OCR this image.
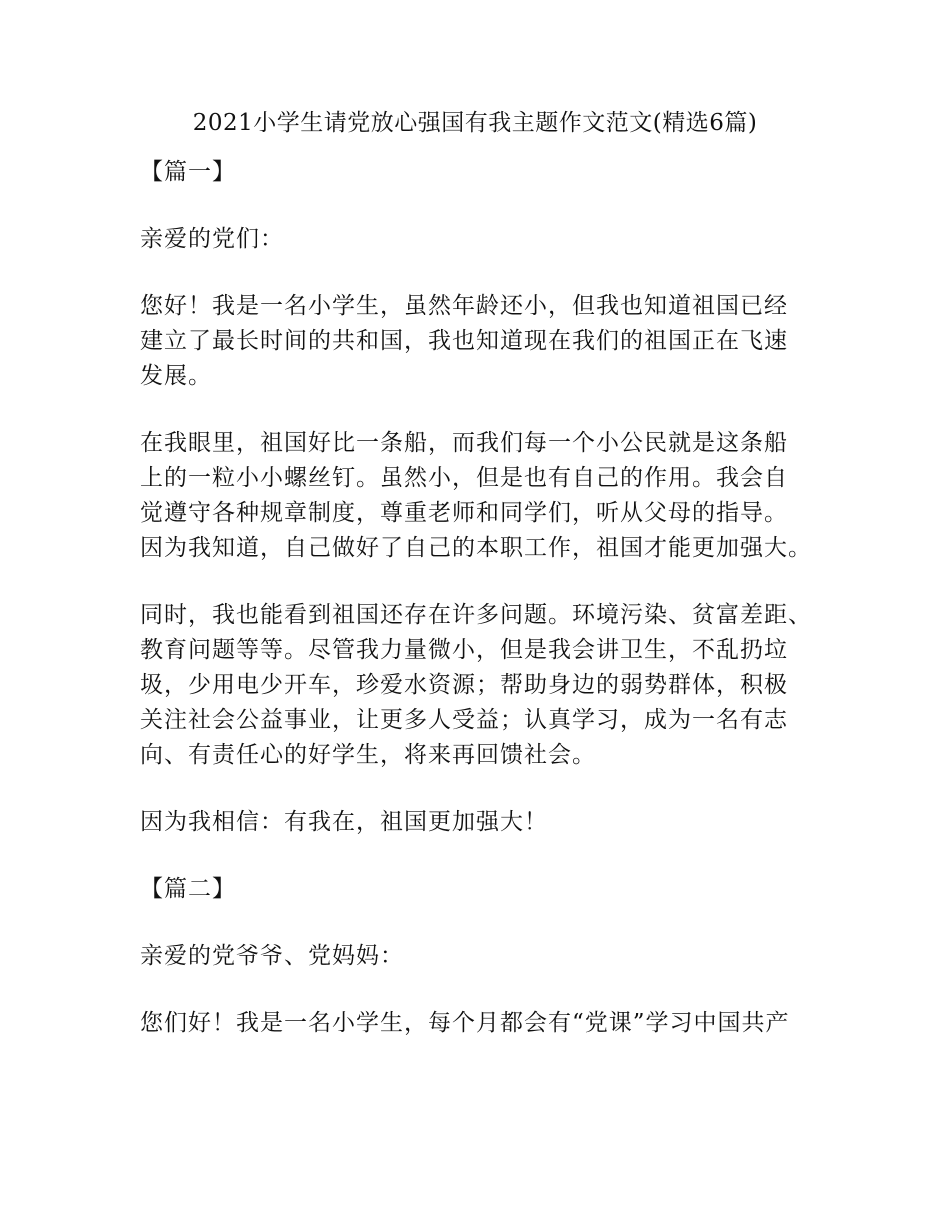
2021小学生请党放心强国有我主题作文范文(精选6篇)

【篇一】

亲爱的党们：

您好！我是一名小学生，虽然年龄还小，但我也知道祖国已经
建立了最长时间的共和国，我也知道现在我们的祖国正在飞速
发展。

在我眼里，祖国好比一条船，而我们每一个小公民就是这条船
上的一粒小小螺丝钉。虽然小，但是也有自己的作用。我会自
觉遵守各种规章制度，尊重老师和同学们，听从父母的指导。
因为我知道，自己做好了自己的本职工作，祖国才能更加强大。

同时，我也能看到祖国还存在许多问题。环境污染、贫富差距、
教育问题等等。尽管我力量微小，但是我会讲卫生，不乱扔垃
圾，少用电少开车，珍爱水资源；帮助身边的弱势群体，积极
关注社会公益事业，让更多人受益；认真学习，成为一名有志
向、有责任心的好学生，将来再回馈社会。

因为我相信：有我在，祖国更加强大！

【篇二】

亲爱的党爷爷、党妈妈：

您们好！我是一名小学生，每个月都会有“党课”学习中国共产
